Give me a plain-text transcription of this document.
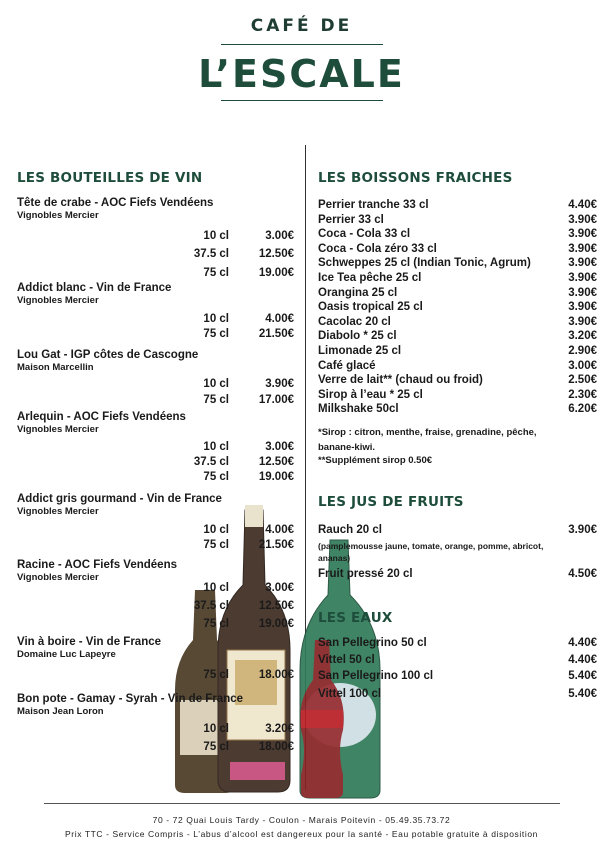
CAFÉ DE
L’ESCALE
LES BOUTEILLES DE VIN
Tête de crabe - AOC Fiefs Vendéens
Vignobles Mercier
10 cl	3.00€
37.5 cl	12.50€
75 cl	19.00€
Addict blanc - Vin de France
Vignobles Mercier
10 cl	4.00€
75 cl	21.50€
Lou Gat - IGP côtes de Cascogne
Maison Marcellin
10 cl	3.90€
75 cl	17.00€
Arlequin - AOC Fiefs Vendéens
Vignobles Mercier
10 cl	3.00€
37.5 cl	12.50€
75 cl	19.00€
Addict gris gourmand - Vin de France
Vignobles Mercier
10 cl	4.00€
75 cl	21.50€
Racine - AOC Fiefs Vendéens
Vignobles Mercier
10 cl	3.00€
37.5 cl	12.50€
75 cl	19.00€
Vin à boire - Vin de France
Domaine Luc Lapeyre
75 cl	18.00€
Bon pote - Gamay - Syrah - Vin de France
Maison Jean Loron
10 cl	3.20€
75 cl	18.00€
LES BOISSONS FRAICHES
Perrier tranche 33 cl	4.40€
Perrier 33 cl	3.90€
Coca - Cola 33 cl	3.90€
Coca - Cola zéro 33 cl	3.90€
Schweppes 25 cl (Indian Tonic, Agrum)	3.90€
Ice Tea pêche 25 cl	3.90€
Orangina 25 cl	3.90€
Oasis tropical 25 cl	3.90€
Cacolac 20 cl	3.90€
Diabolo * 25 cl	3.20€
Limonade 25 cl	2.90€
Café glacé	3.00€
Verre de lait** (chaud ou froid)	2.50€
Sirop à l’eau * 25 cl	2.30€
Milkshake 50cl	6.20€
*Sirop : citron, menthe, fraise, grenadine, pêche, banane-kiwi.
**Supplément sirop 0.50€
LES JUS DE FRUITS
Rauch 20 cl	3.90€
(pamplemousse jaune, tomate, orange, pomme, abricot, ananas)
Fruit pressé 20 cl	4.50€
LES EAUX
San Pellegrino 50 cl	4.40€
Vittel 50 cl	4.40€
San Pellegrino 100 cl	5.40€
Vittel 100 cl	5.40€
70 - 72 Quai Louis Tardy - Coulon - Marais Poitevin - 05.49.35.73.72
Prix TTC - Service Compris - L’abus d’alcool est dangereux pour la santé - Eau potable gratuite à disposition
